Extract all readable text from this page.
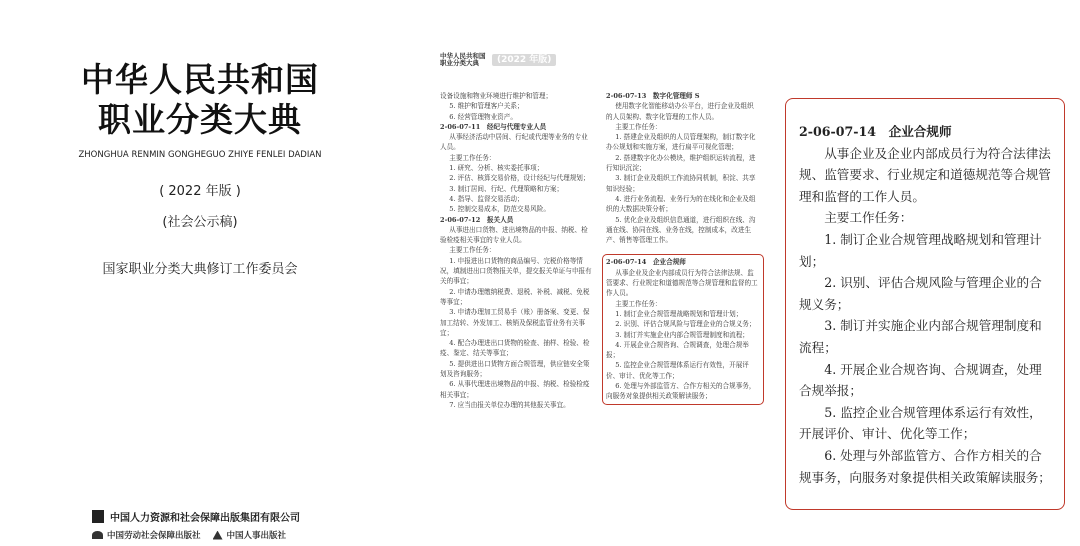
中华人民共和国
职业分类大典
ZHONGHUA RENMIN GONGHEGUO ZHIYE FENLEI DADIAN
( 2022 年版 )
(社会公示稿)
国家职业分类大典修订工作委员会
中国人力资源和社会保障出版集团有限公司
中国劳动社会保障出版社	中国人事出版社
中华人民共和国 职业分类大典	(2022 年版)

设备设施和物业环境进行维护和管理；

5. 维护和管理客户关系；

6. 经营管理物业资产。

2-06-07-11　经纪与代理专业人员

从事经济活动中居间、行纪或代理等业务的专业人员。

主要工作任务：

1. 研究、分析、核实委托事项；

2. 评估、核算交易价格，设计经纪与代理规划；

3. 制订居间、行纪、代理策略和方案；

4. 指导、监督交易活动；

5. 控制交易成本，防范交易风险。

2-06-07-12　报关人员

从事进出口货物、进出境物品的申报、纳税、检验检疫相关事宜的专业人员。

主要工作任务：

1. 申报进出口货物的商品编号、完税价格等情况，填制进出口货物报关单，提交报关单证与申报有关的事宜；

2. 申请办理缴纳税费、退税、补税、减税、免税等事宜；

3. 申请办理加工贸易手（账）册备案、变更、保加工结转、外发加工、核销及保税监管业务有关事宜；

4. 配合办理进出口货物的检查、抽样、检验、检疫、鉴定、结关等事宜；

5. 提供进出口货物方面合规管理，供应链安全策划及咨询服务；

6. 从事代理进出境物品的申报、纳税、检验检疫相关事宜；

7. 应当由报关单位办理的其他报关事宜。

2-06-07-13　数字化管理师 S

使用数字化智能移动办公平台，进行企业及组织的人员架构、数字化管理的工作人员。

主要工作任务：

1. 搭建企业及组织的人员管理架构，制订数字化办公规划和实施方案，进行扁平可视化管理；

2. 搭建数字化办公模块，维护组织运转流程，进行知识沉淀；

3. 制订企业及组织工作流协同机制，积淀、共享知识经验；

4. 进行业务流程、业务行为的在线化和企业及组织的大数据决策分析；

5. 优化企业及组织信息通道，进行组织在线、沟通在线、协同在线、业务在线，控制成本，改进生产、销售等管理工作。

2-06-07-14　企业合规师

从事企业及企业内部成员行为符合法律法规、监管要求、行业规定和道德规范等合规管理和监督的工作人员。

主要工作任务：

1. 制订企业合规管理战略规划和管理计划；

2. 识别、评估合规风险与管理企业的合规义务；

3. 制订并实施企业内部合规管理制度和流程；

4. 开展企业合规咨询、合规调查，处理合规举报；

5. 监控企业合规管理体系运行有效性，开展评价、审计、优化等工作；

6. 处理与外部监管方、合作方相关的合规事务，向服务对象提供相关政策解读服务；

2-06-07-14　企业合规师

从事企业及企业内部成员行为符合法律法规、监管要求、行业规定和道德规范等合规管理和监督的工作人员。

主要工作任务：

1. 制订企业合规管理战略规划和管理计划；

2. 识别、评估合规风险与管理企业的合规义务；

3. 制订并实施企业内部合规管理制度和流程；

4. 开展企业合规咨询、合规调查，处理合规举报；

5. 监控企业合规管理体系运行有效性，开展评价、审计、优化等工作；

6. 处理与外部监管方、合作方相关的合规事务，向服务对象提供相关政策解读服务；
